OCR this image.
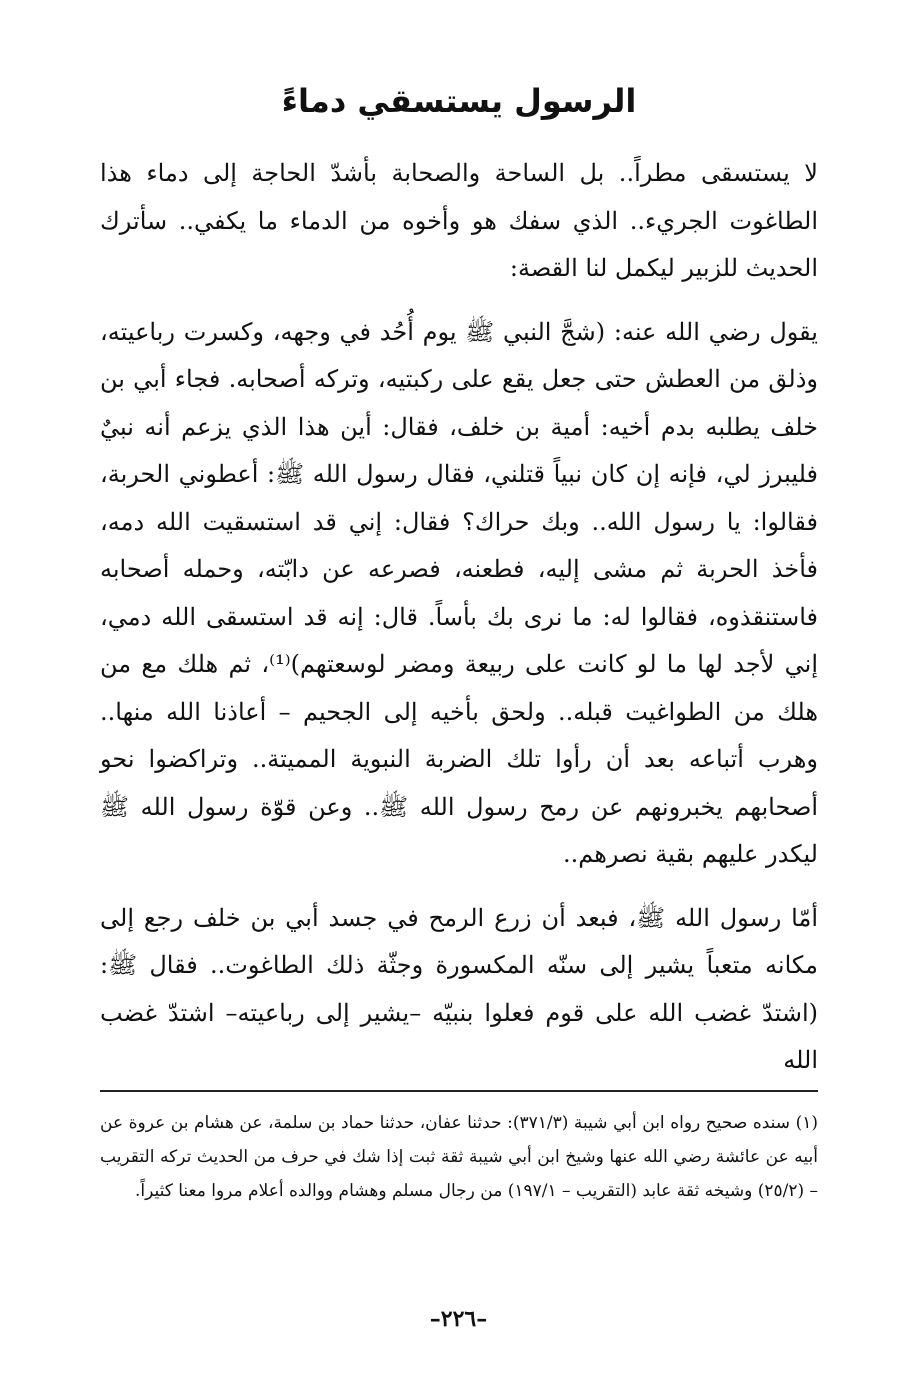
الرسول يستسقي دماءً

لا يستسقى مطراً.. بل الساحة والصحابة بأشدّ الحاجة إلى دماء هذا الطاغوت الجريء.. الذي سفك هو وأخوه من الدماء ما يكفي.. سأترك الحديث للزبير ليكمل لنا القصة:

يقول رضي الله عنه: (شجَّ النبي ﷺ يوم أُحُد في وجهه، وكسرت رباعيته، وذلق من العطش حتى جعل يقع على ركبتيه، وتركه أصحابه. فجاء أبي بن خلف يطلبه بدم أخيه: أمية بن خلف، فقال: أين هذا الذي يزعم أنه نبيٌ فليبرز لي، فإنه إن كان نبياً قتلني، فقال رسول الله ﷺ: أعطوني الحربة، فقالوا: يا رسول الله.. وبك حراك؟ فقال: إني قد استسقيت الله دمه، فأخذ الحربة ثم مشى إليه، فطعنه، فصرعه عن دابّته، وحمله أصحابه فاستنقذوه، فقالوا له: ما نرى بك بأساً. قال: إنه قد استسقى الله دمي، إني لأجد لها ما لو كانت على ربيعة ومضر لوسعتهم)⁽¹⁾، ثم هلك مع من هلك من الطواغيت قبله.. ولحق بأخيه إلى الجحيم – أعاذنا الله منها.. وهرب أتباعه بعد أن رأوا تلك الضربة النبوية المميتة.. وتراكضوا نحو أصحابهم يخبرونهم عن رمح رسول الله ﷺ.. وعن قوّة رسول الله ﷺ ليكدر عليهم بقية نصرهم..

أمّا رسول الله ﷺ، فبعد أن زرع الرمح في جسد أبي بن خلف رجع إلى مكانه متعباً يشير إلى سنّه المكسورة وجثّة ذلك الطاغوت.. فقال ﷺ: (اشتدّ غضب الله على قوم فعلوا بنبيّه –يشير إلى رباعيته– اشتدّ غضب الله

(١) سنده صحيح رواه ابن أبي شيبة (٣٧١/٣): حدثنا عفان، حدثنا حماد بن سلمة، عن هشام بن عروة عن أبيه عن عائشة رضي الله عنها وشيخ ابن أبي شيبة ثقة ثبت إذا شك في حرف من الحديث تركه التقريب – (٢٥/٢) وشيخه ثقة عابد (التقريب – ١٩٧/١) من رجال مسلم وهشام ووالده أعلام مروا معنا كثيراً.

–٢٢٦–
